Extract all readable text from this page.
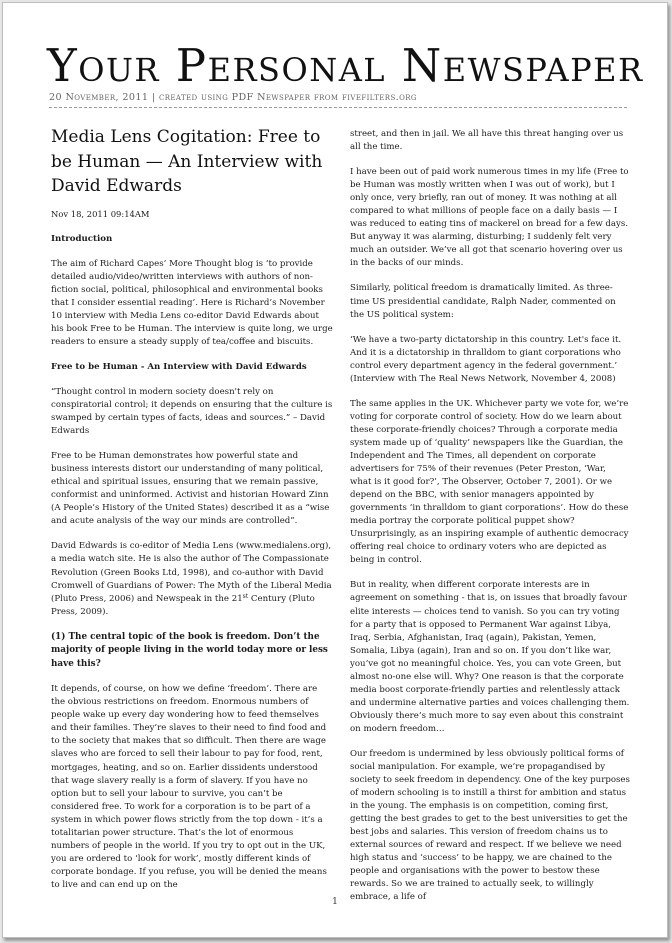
Your Personal Newspaper
20 November, 2011 | created using PDF Newspaper from fivefilters.org
Media Lens Cogitation: Free to be Human — An Interview with David Edwards

Nov 18, 2011 09:14AM

Introduction

The aim of Richard Capes’ More Thought blog is ‘to provide detailed audio/video/written interviews with authors of non-fiction social, political, philosophical and environmental books that I consider essential reading’. Here is Richard’s November 10 interview with Media Lens co-editor David Edwards about his book Free to be Human. The interview is quite long, we urge readers to ensure a steady supply of tea/coffee and biscuits.

Free to be Human - An Interview with David Edwards

“Thought control in modern society doesn't rely on conspiratorial control; it depends on ensuring that the culture is swamped by certain types of facts, ideas and sources.” – David Edwards

Free to be Human demonstrates how powerful state and business interests distort our understanding of many political, ethical and spiritual issues, ensuring that we remain passive, conformist and uninformed. Activist and historian Howard Zinn (A People’s History of the United States) described it as a “wise and acute analysis of the way our minds are controlled”.

David Edwards is co-editor of Media Lens (www.medialens.org), a media watch site. He is also the author of The Compassionate Revolution (Green Books Ltd, 1998), and co-author with David Cromwell of Guardians of Power: The Myth of the Liberal Media (Pluto Press, 2006) and Newspeak in the 21st Century (Pluto Press, 2009).

(1) The central topic of the book is freedom. Don’t the majority of people living in the world today more or less have this?

It depends, of course, on how we define ‘freedom’. There are the obvious restrictions on freedom. Enormous numbers of people wake up every day wondering how to feed themselves and their families. They’re slaves to their need to find food and to the society that makes that so difficult. Then there are wage slaves who are forced to sell their labour to pay for food, rent, mortgages, heating, and so on. Earlier dissidents understood that wage slavery really is a form of slavery. If you have no option but to sell your labour to survive, you can’t be considered free. To work for a corporation is to be part of a system in which power flows strictly from the top down - it’s a totalitarian power structure. That’s the lot of enormous numbers of people in the world. If you try to opt out in the UK, you are ordered to ‘look for work’, mostly different kinds of corporate bondage. If you refuse, you will be denied the means to live and can end up on the

street, and then in jail. We all have this threat hanging over us all the time.

I have been out of paid work numerous times in my life (Free to be Human was mostly written when I was out of work), but I only once, very briefly, ran out of money. It was nothing at all compared to what millions of people face on a daily basis — I was reduced to eating tins of mackerel on bread for a few days. But anyway it was alarming, disturbing; I suddenly felt very much an outsider. We’ve all got that scenario hovering over us in the backs of our minds.

Similarly, political freedom is dramatically limited. As three-time US presidential candidate, Ralph Nader, commented on the US political system:

‘We have a two-party dictatorship in this country. Let's face it. And it is a dictatorship in thralldom to giant corporations who control every department agency in the federal government.’ (Interview with The Real News Network, November 4, 2008)

The same applies in the UK. Whichever party we vote for, we’re voting for corporate control of society. How do we learn about these corporate-friendly choices? Through a corporate media system made up of ‘quality’ newspapers like the Guardian, the Independent and The Times, all dependent on corporate advertisers for 75% of their revenues (Peter Preston, ‘War, what is it good for?’, The Observer, October 7, 2001). Or we depend on the BBC, with senior managers appointed by governments ‘in thralldom to giant corporations’. How do these media portray the corporate political puppet show? Unsurprisingly, as an inspiring example of authentic democracy offering real choice to ordinary voters who are depicted as being in control.

But in reality, when different corporate interests are in agreement on something - that is, on issues that broadly favour elite interests — choices tend to vanish. So you can try voting for a party that is opposed to Permanent War against Libya, Iraq, Serbia, Afghanistan, Iraq (again), Pakistan, Yemen, Somalia, Libya (again), Iran and so on. If you don’t like war, you’ve got no meaningful choice. Yes, you can vote Green, but almost no-one else will. Why? One reason is that the corporate media boost corporate-friendly parties and relentlessly attack and undermine alternative parties and voices challenging them. Obviously there’s much more to say even about this constraint on modern freedom…

Our freedom is undermined by less obviously political forms of social manipulation. For example, we’re propagandised by society to seek freedom in dependency. One of the key purposes of modern schooling is to instill a thirst for ambition and status in the young. The emphasis is on competition, coming first, getting the best grades to get to the best universities to get the best jobs and salaries. This version of freedom chains us to external sources of reward and respect. If we believe we need high status and ‘success’ to be happy, we are chained to the people and organisations with the power to bestow these rewards. So we are trained to actually seek, to willingly embrace, a life of

1
